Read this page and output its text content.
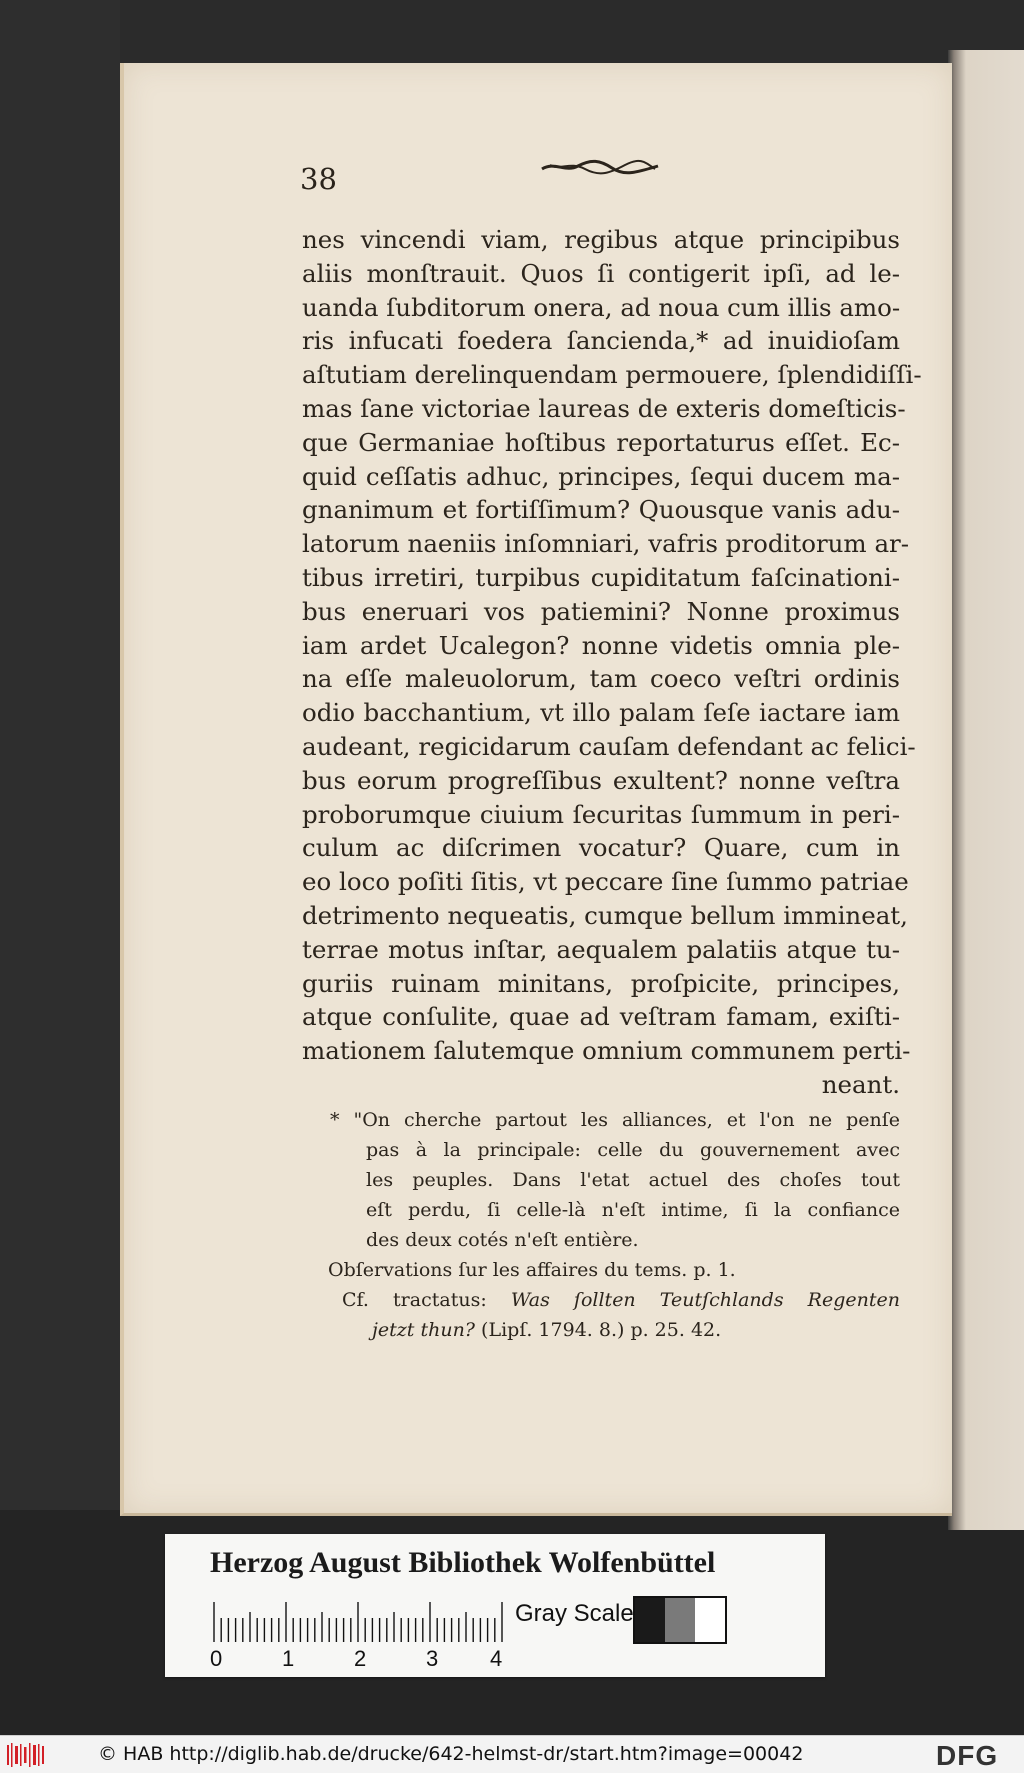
38
nes vincendi viam, regibus atque principibus
aliis monſtrauit. Quos ſi contigerit ipſi, ad le-
uanda ſubditorum onera, ad noua cum illis amo-
ris infucati foedera ſancienda,* ad inuidioſam
aſtutiam derelinquendam permouere, ſplendidiſſi-
mas ſane victoriae laureas de exteris domeſticis-
que Germaniae hoſtibus reportaturus eſſet. Ec-
quid ceſſatis adhuc, principes, ſequi ducem ma-
gnanimum et fortiſſimum? Quousque vanis adu-
latorum naeniis inſomniari, vafris proditorum ar-
tibus irretiri, turpibus cupiditatum faſcinationi-
bus eneruari vos patiemini? Nonne proximus
iam ardet Ucalegon? nonne videtis omnia ple-
na eſſe maleuolorum, tam coeco veſtri ordinis
odio bacchantium, vt illo palam ſeſe iactare iam
audeant, regicidarum cauſam defendant ac felici-
bus eorum progreſſibus exultent? nonne veſtra
proborumque ciuium ſecuritas ſummum in peri-
culum ac diſcrimen vocatur? Quare, cum in
eo loco poſiti ſitis, vt peccare ſine ſummo patriae
detrimento nequeatis, cumque bellum immineat,
terrae motus inſtar, aequalem palatiis atque tu-
guriis ruinam minitans, proſpicite, principes,
atque conſulite, quae ad veſtram famam, exiſti-
mationem ſalutemque omnium communem perti-
neant.
* "On cherche partout les alliances, et l'on ne penſe
pas à la principale: celle du gouvernement avec
les peuples. Dans l'etat actuel des choſes tout
eſt perdu, ſi celle-là n'eſt intime, ſi la confiance
des deux cotés n'eſt entière.
Obſervations ſur les affaires du tems. p. 1.
Cf. tractatus: Was ſollten Teutſchlands Regenten
jetzt thun? (Lipſ. 1794. 8.) p. 25. 42.
Herzog August Bibliothek Wolfenbüttel
0	1	2	3 4
Gray Scale
© HAB http://diglib.hab.de/drucke/642-helmst-dr/start.htm?image=00042	DFG
